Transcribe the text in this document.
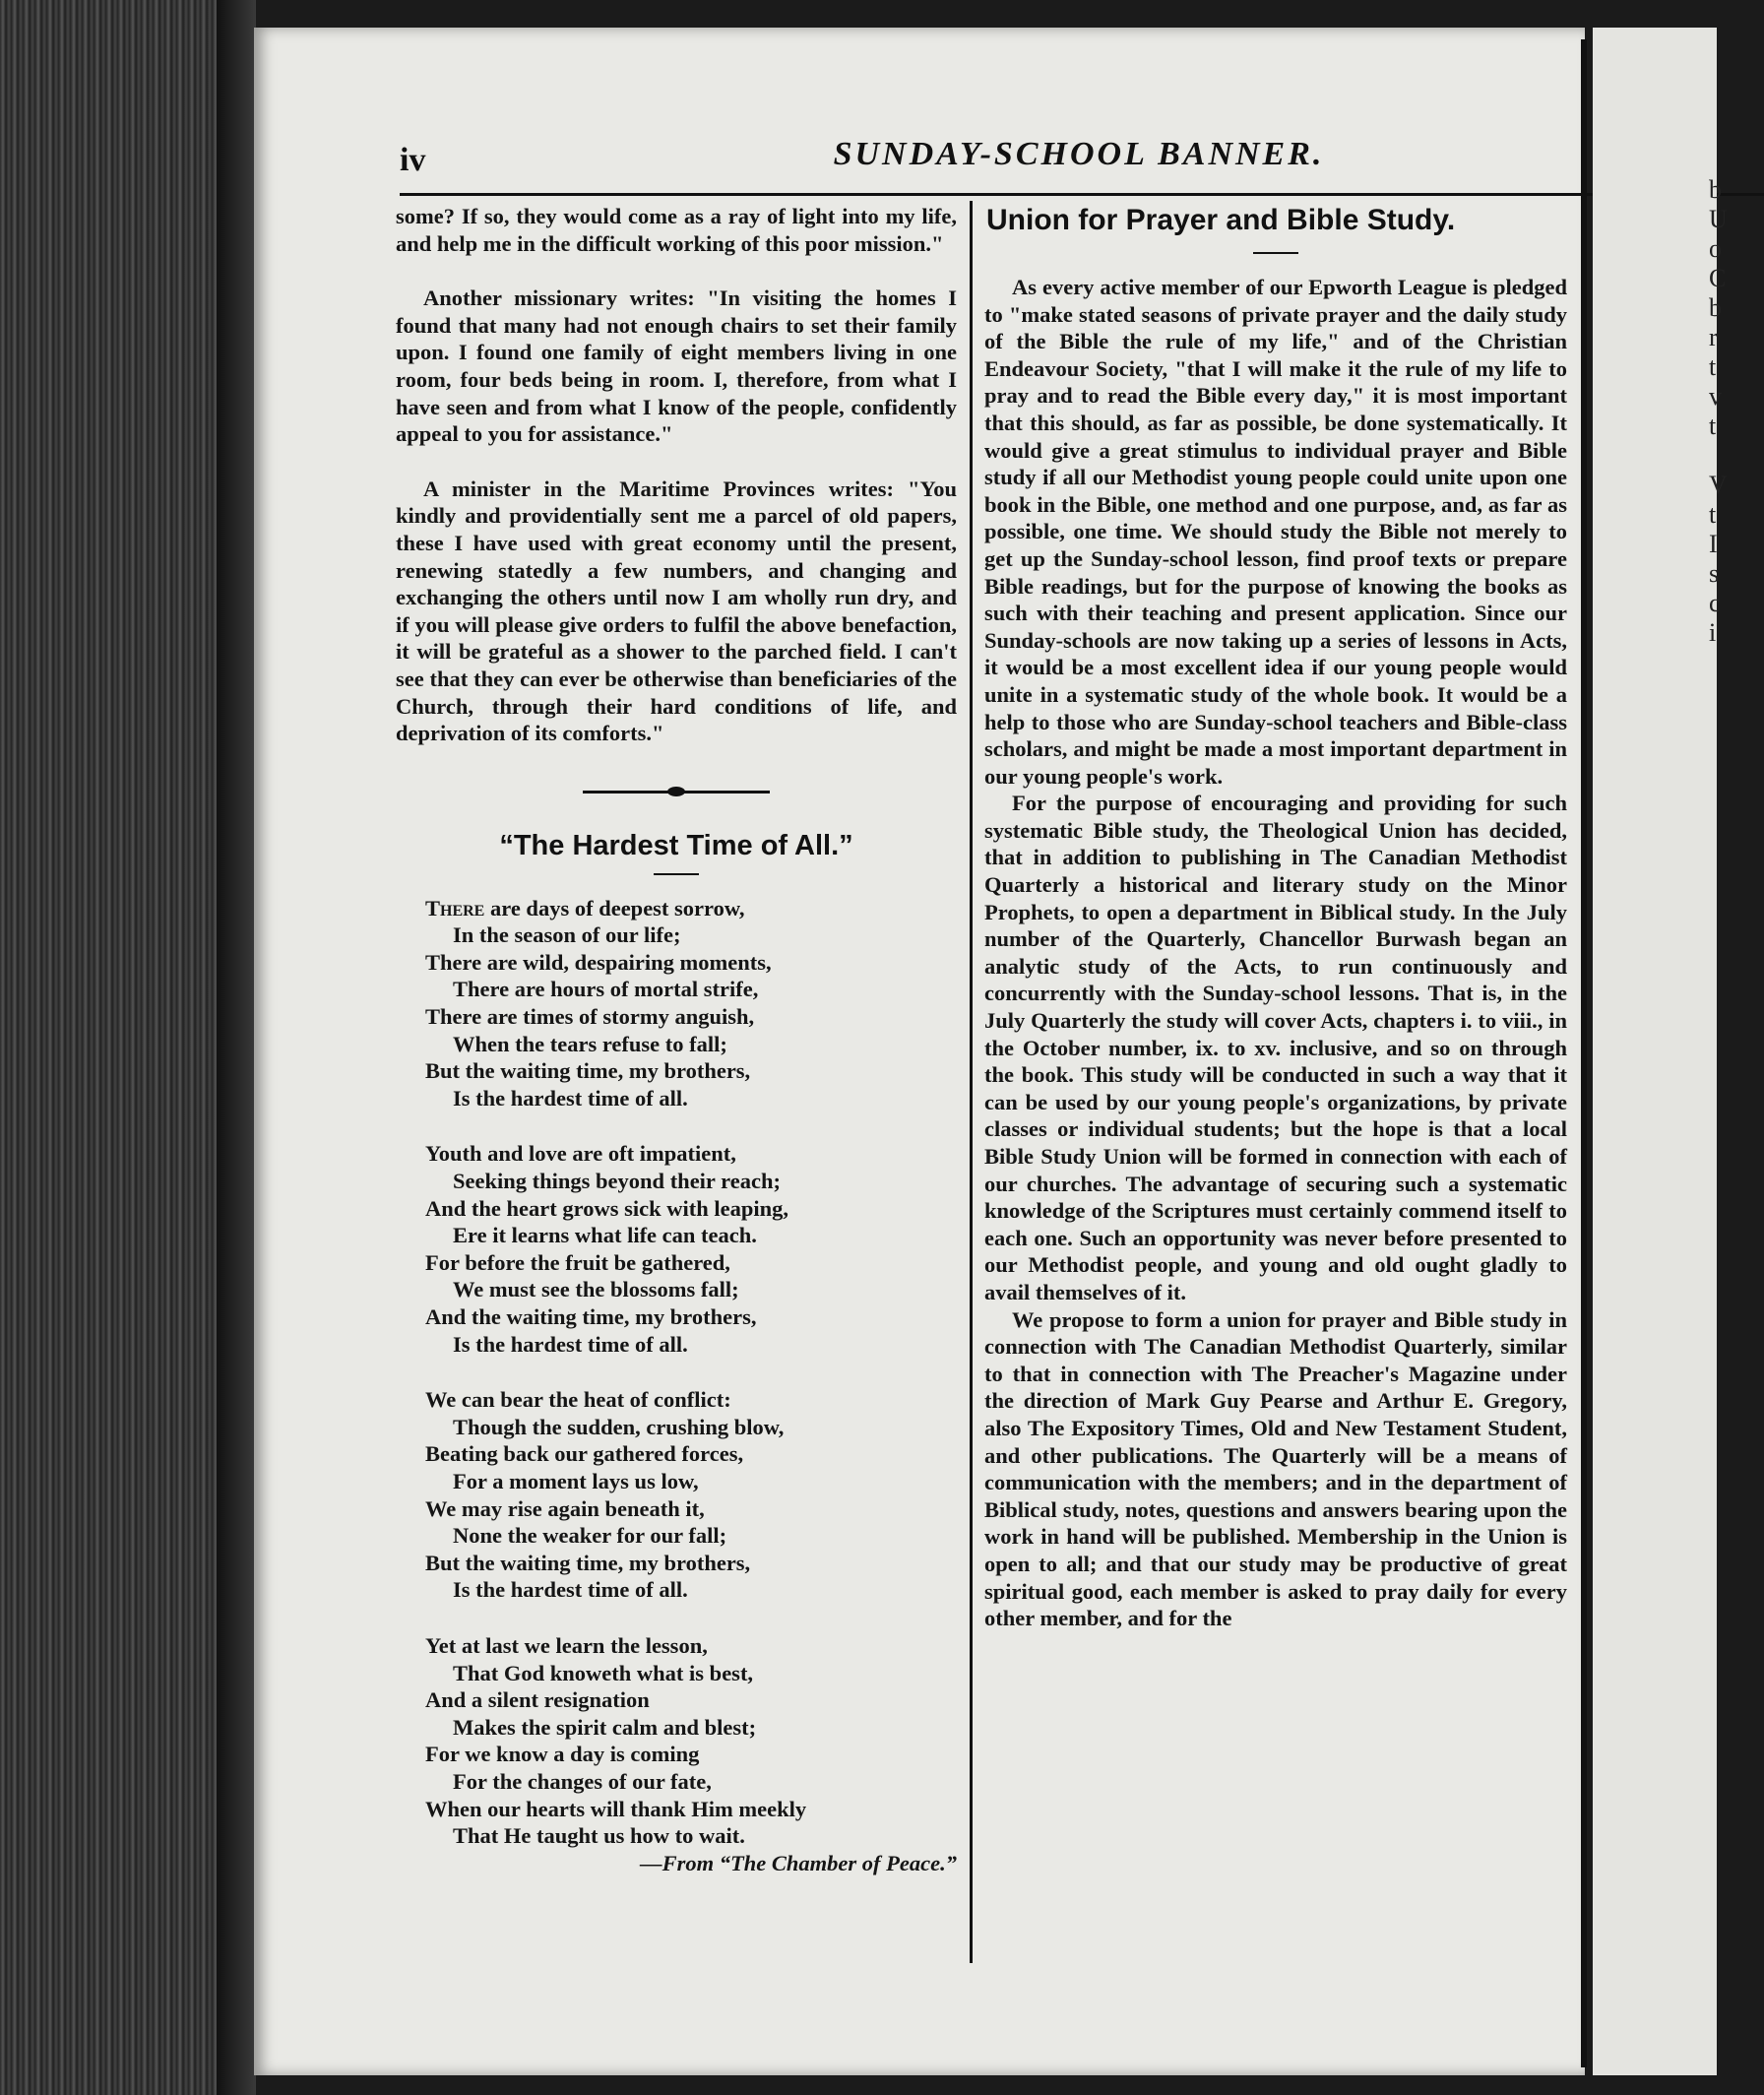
iv	SUNDAY-SCHOOL BANNER.

some? If so, they would come as a ray of light into my life, and help me in the difficult working of this poor mission."

Another missionary writes: "In visiting the homes I found that many had not enough chairs to set their family upon. I found one family of eight members living in one room, four beds being in room. I, therefore, from what I have seen and from what I know of the people, confidently appeal to you for assistance."

A minister in the Maritime Provinces writes: "You kindly and providentially sent me a parcel of old papers, these I have used with great economy until the present, renewing statedly a few numbers, and changing and exchanging the others until now I am wholly run dry, and if you will please give orders to fulfil the above benefaction, it will be grateful as a shower to the parched field. I can't see that they can ever be otherwise than beneficiaries of the Church, through their hard conditions of life, and deprivation of its comforts."

“The Hardest Time of All.”
There are days of deepest sorrow,
In the season of our life;
There are wild, despairing moments,
There are hours of mortal strife,
There are times of stormy anguish,
When the tears refuse to fall;
But the waiting time, my brothers,
Is the hardest time of all.
Youth and love are oft impatient,
Seeking things beyond their reach;
And the heart grows sick with leaping,
Ere it learns what life can teach.
For before the fruit be gathered,
We must see the blossoms fall;
And the waiting time, my brothers,
Is the hardest time of all.
We can bear the heat of conflict:
Though the sudden, crushing blow,
Beating back our gathered forces,
For a moment lays us low,
We may rise again beneath it,
None the weaker for our fall;
But the waiting time, my brothers,
Is the hardest time of all.
Yet at last we learn the lesson,
That God knoweth what is best,
And a silent resignation
Makes the spirit calm and blest;
For we know a day is coming
For the changes of our fate,
When our hearts will thank Him meekly
That He taught us how to wait.
—From “The Chamber of Peace.”
Union for Prayer and Bible Study.

As every active member of our Epworth League is pledged to "make stated seasons of private prayer and the daily study of the Bible the rule of my life," and of the Christian Endeavour Society, "that I will make it the rule of my life to pray and to read the Bible every day," it is most important that this should, as far as possible, be done systematically. It would give a great stimulus to individual prayer and Bible study if all our Methodist young people could unite upon one book in the Bible, one method and one purpose, and, as far as possible, one time. We should study the Bible not merely to get up the Sunday-school lesson, find proof texts or prepare Bible readings, but for the purpose of knowing the books as such with their teaching and present application. Since our Sunday-schools are now taking up a series of lessons in Acts, it would be a most excellent idea if our young people would unite in a systematic study of the whole book. It would be a help to those who are Sunday-school teachers and Bible-class scholars, and might be made a most important department in our young people's work.

For the purpose of encouraging and providing for such systematic Bible study, the Theological Union has decided, that in addition to publishing in The Canadian Methodist Quarterly a historical and literary study on the Minor Prophets, to open a department in Biblical study. In the July number of the Quarterly, Chancellor Burwash began an analytic study of the Acts, to run continuously and concurrently with the Sunday-school lessons. That is, in the July Quarterly the study will cover Acts, chapters i. to viii., in the October number, ix. to xv. inclusive, and so on through the book. This study will be conducted in such a way that it can be used by our young people's organizations, by private classes or individual students; but the hope is that a local Bible Study Union will be formed in connection with each of our churches. The advantage of securing such a systematic knowledge of the Scriptures must certainly commend itself to each one. Such an opportunity was never before presented to our Methodist people, and young and old ought gladly to avail themselves of it.

We propose to form a union for prayer and Bible study in connection with The Canadian Methodist Quarterly, similar to that in connection with The Preacher's Magazine under the direction of Mark Guy Pearse and Arthur E. Gregory, also The Expository Times, Old and New Testament Student, and other publications. The Quarterly will be a means of communication with the members; and in the department of Biblical study, notes, questions and answers bearing upon the work in hand will be published. Membership in the Union is open to all; and that our study may be productive of great spiritual good, each member is asked to pray daily for every other member, and for the

b
U
o
C
b
r
t
v
t
V
t
I
s
c
i
